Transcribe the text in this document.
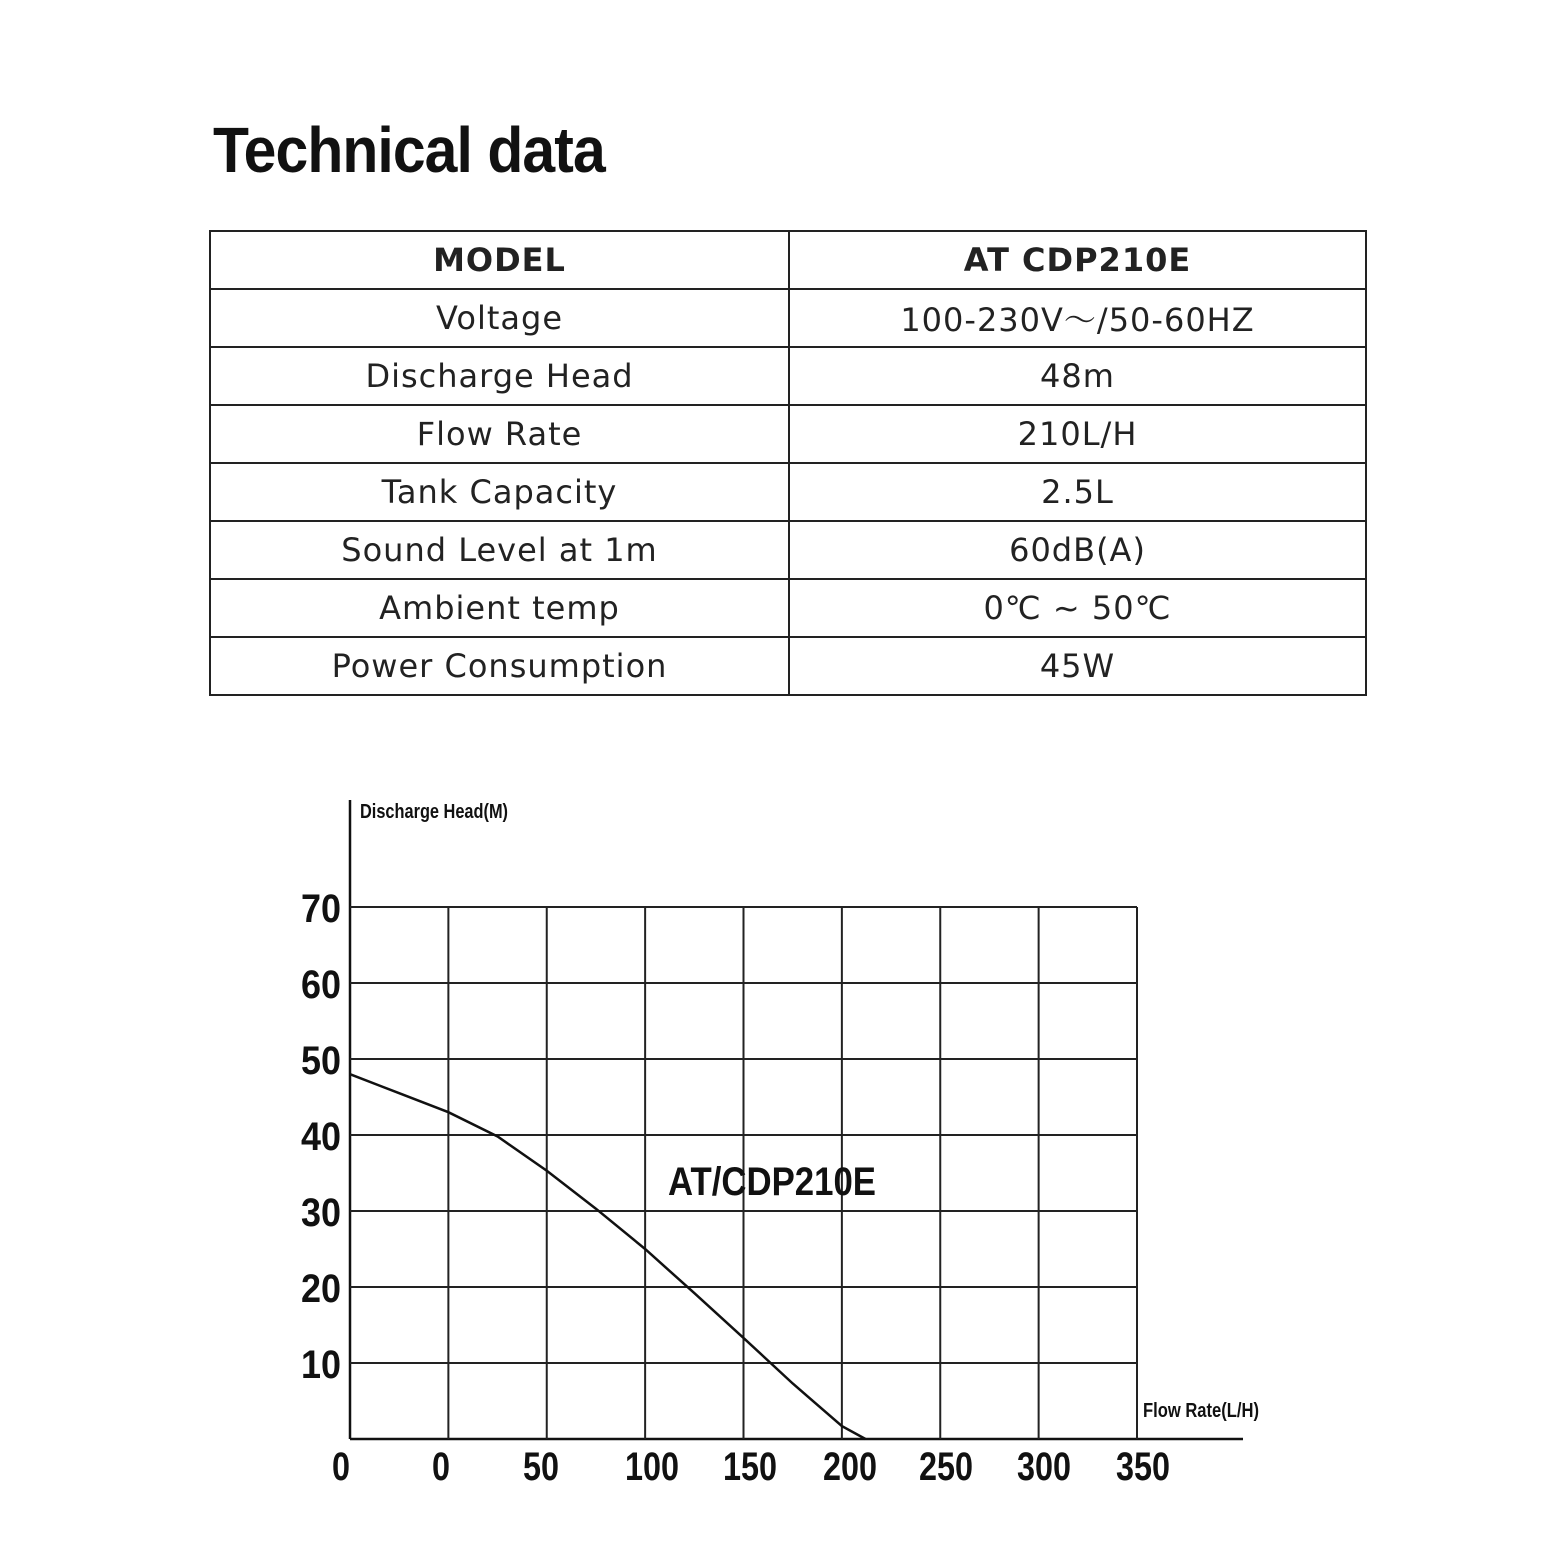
Technical data
MODEL	AT CDP210E
Voltage	100-230V～/50-60HZ
Discharge Head	48m
Flow Rate	210L/H
Tank Capacity	2.5L
Sound Level at 1m	60dB(A)
Ambient temp	0℃ ~ 50℃
Power Consumption	45W
Discharge Head(M)
Flow Rate(L/H)
AT/CDP210E
10
20
30
40
50
60
70
0 0 50 100 150 200 250 300 350
